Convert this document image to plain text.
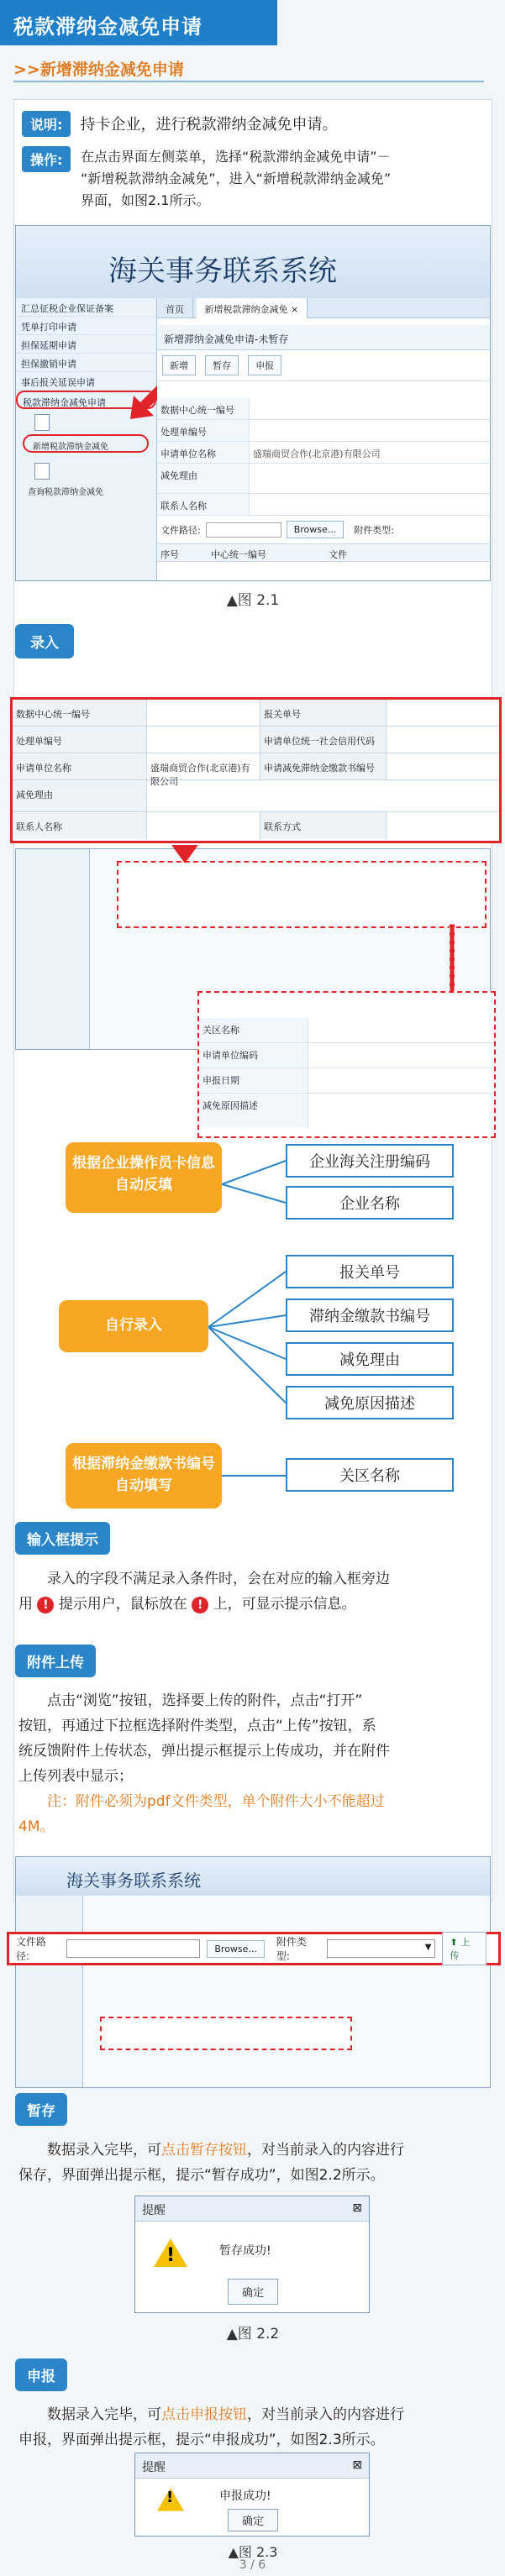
税款滞纳金减免申请
>>新增滞纳金减免申请
说明: 持卡企业，进行税款滞纳金减免申请。
操作: 在点击界面左侧菜单，选择“税款滞纳金减免申请”－
“新增税款滞纳金减免”，进入“新增税款滞纳金减免”
界面，如图2.1所示。
海关事务联系系统
汇总征税企业保证备案
凭单打印申请
担保延期申请
担保撤销申请
事后报关延误申请
税款滞纳金减免申请
新增税款滞纳金减免
查询税款滞纳金减免
首页 新增税款滞纳金减免 ×
新增滞纳金减免申请-未暂存
新增	暂存	申报
数据中心统一编号
处理单编号
申请单位名称	盛瑞商贸合作(北京港)有限公司
减免理由
联系人名称
文件路径:	Browse...	附件类型:
序号	中心统一编号	文件
▲图 2.1
录入
数据中心统一编号	报关单号
处理单编号	申请单位统一社会信用代码
申请单位名称	盛瑞商贸合作(北京港)有限公司
申请减免滞纳金缴款书编号
减免理由
联系人名称	联系方式
关区名称
申请单位编码
申报日期
减免原因描述
根据企业操作员卡信息自动反填
企业海关注册编码
企业名称
自行录入
报关单号
滞纳金缴款书编号
减免理由
减免原因描述
根据滞纳金缴款书编号自动填写
关区名称
输入框提示
录入的字段不满足录入条件时，会在对应的输入框旁边
用 ! 提示用户，鼠标放在 ! 上，可显示提示信息。
附件上传
点击“浏览”按钮，选择要上传的附件，点击“打开”
按钮，再通过下拉框选择附件类型，点击“上传”按钮，系
统反馈附件上传状态，弹出提示框提示上传成功，并在附件
上传列表中显示；
注：附件必须为pdf文件类型，单个附件大小不能超过
4M。
海关事务联系系统
文件路径:
Browse...
附件类型:
▼	⬆ 上传
暂存
数据录入完毕，可点击暂存按钮，对当前录入的内容进行
保存，界面弹出提示框，提示“暂存成功”，如图2.2所示。
提醒	⊠
!	暂存成功!
确定
▲图 2.2
申报
数据录入完毕，可点击申报按钮，对当前录入的内容进行
申报，界面弹出提示框，提示“申报成功”，如图2.3所示。
提醒	⊠
!	申报成功!
确定
▲图 2.3
3 / 6
